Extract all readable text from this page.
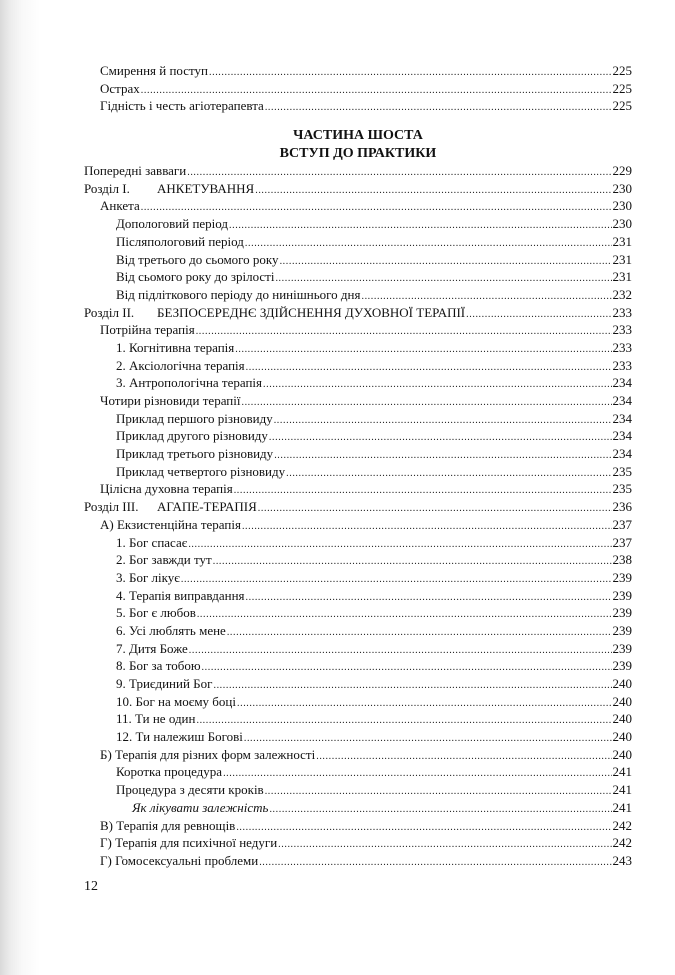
Смирення й поступ .....	225
Острах .....	225
Гідність і честь агіотерапевта .....	225
ЧАСТИНА ШОСТА
ВСТУП ДО ПРАКТИКИ
Попередні завваги .....	229
Розділ I. АНКЕТУВАННЯ .....	230
Анкета .....	230
Допологовий період .....	230
Післяпологовий період .....	231
Від третього до сьомого року .....	231
Від сьомого року до зрілості .....	231
Від підліткового періоду до нинішнього дня .....	232
Розділ II. БЕЗПОСЕРЕДНЄ ЗДІЙСНЕННЯ ДУХОВНОЇ ТЕРАПІЇ .....	233
Потрійна терапія .....	233
1. Когнітивна терапія .....	233
2. Аксіологічна терапія .....	233
3. Антропологічна терапія .....	234
Чотири різновиди терапії .....	234
Приклад першого різновиду .....	234
Приклад другого різновиду .....	234
Приклад третього різновиду .....	234
Приклад четвертого різновиду .....	235
Цілісна духовна терапія .....	235
Розділ III. АГАПЕ-ТЕРАПІЯ .....	236
А) Екзистенційна терапія .....	237
1. Бог спасає .....	237
2. Бог завжди тут .....	238
3. Бог лікує .....	239
4. Терапія виправдання .....	239
5. Бог є любов .....	239
6. Усі люблять мене .....	239
7. Дитя Боже .....	239
8. Бог за тобою .....	239
9. Триєдиний Бог .....	240
10. Бог на моєму боці .....	240
11. Ти не один .....	240
12. Ти належиш Богові .....	240
Б) Терапія для різних форм залежності .....	240
Коротка процедура .....	241
Процедура з десяти кроків .....	241
Як лікувати залежність .....	241
В) Терапія для ревнощів .....	242
Г) Терапія для психічної недуги .....	242
Г) Гомосексуальні проблеми .....	243
12
